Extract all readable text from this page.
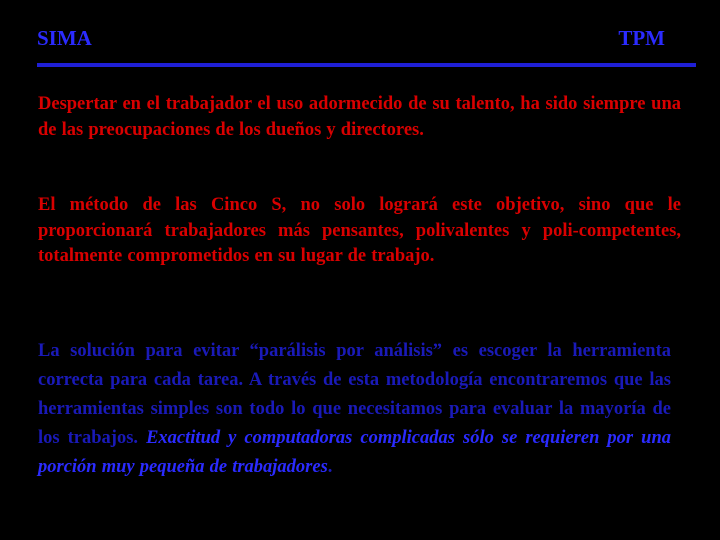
SIMA	TPM

Despertar en el trabajador el uso adormecido de su talento, ha sido siempre una de las preocupaciones de los dueños y directores.

El método de las Cinco S, no solo logrará este objetivo, sino que le proporcionará trabajadores más pensantes, polivalentes y poli-competentes, totalmente comprometidos en su lugar de trabajo.

La solución para evitar “parálisis por análisis” es escoger la herramienta correcta para cada tarea. A través de esta metodología encontraremos que las herramientas simples son todo lo que necesitamos para evaluar la mayoría de los trabajos. Exactitud y computadoras complicadas sólo se requieren por una porción muy pequeña de trabajadores.
